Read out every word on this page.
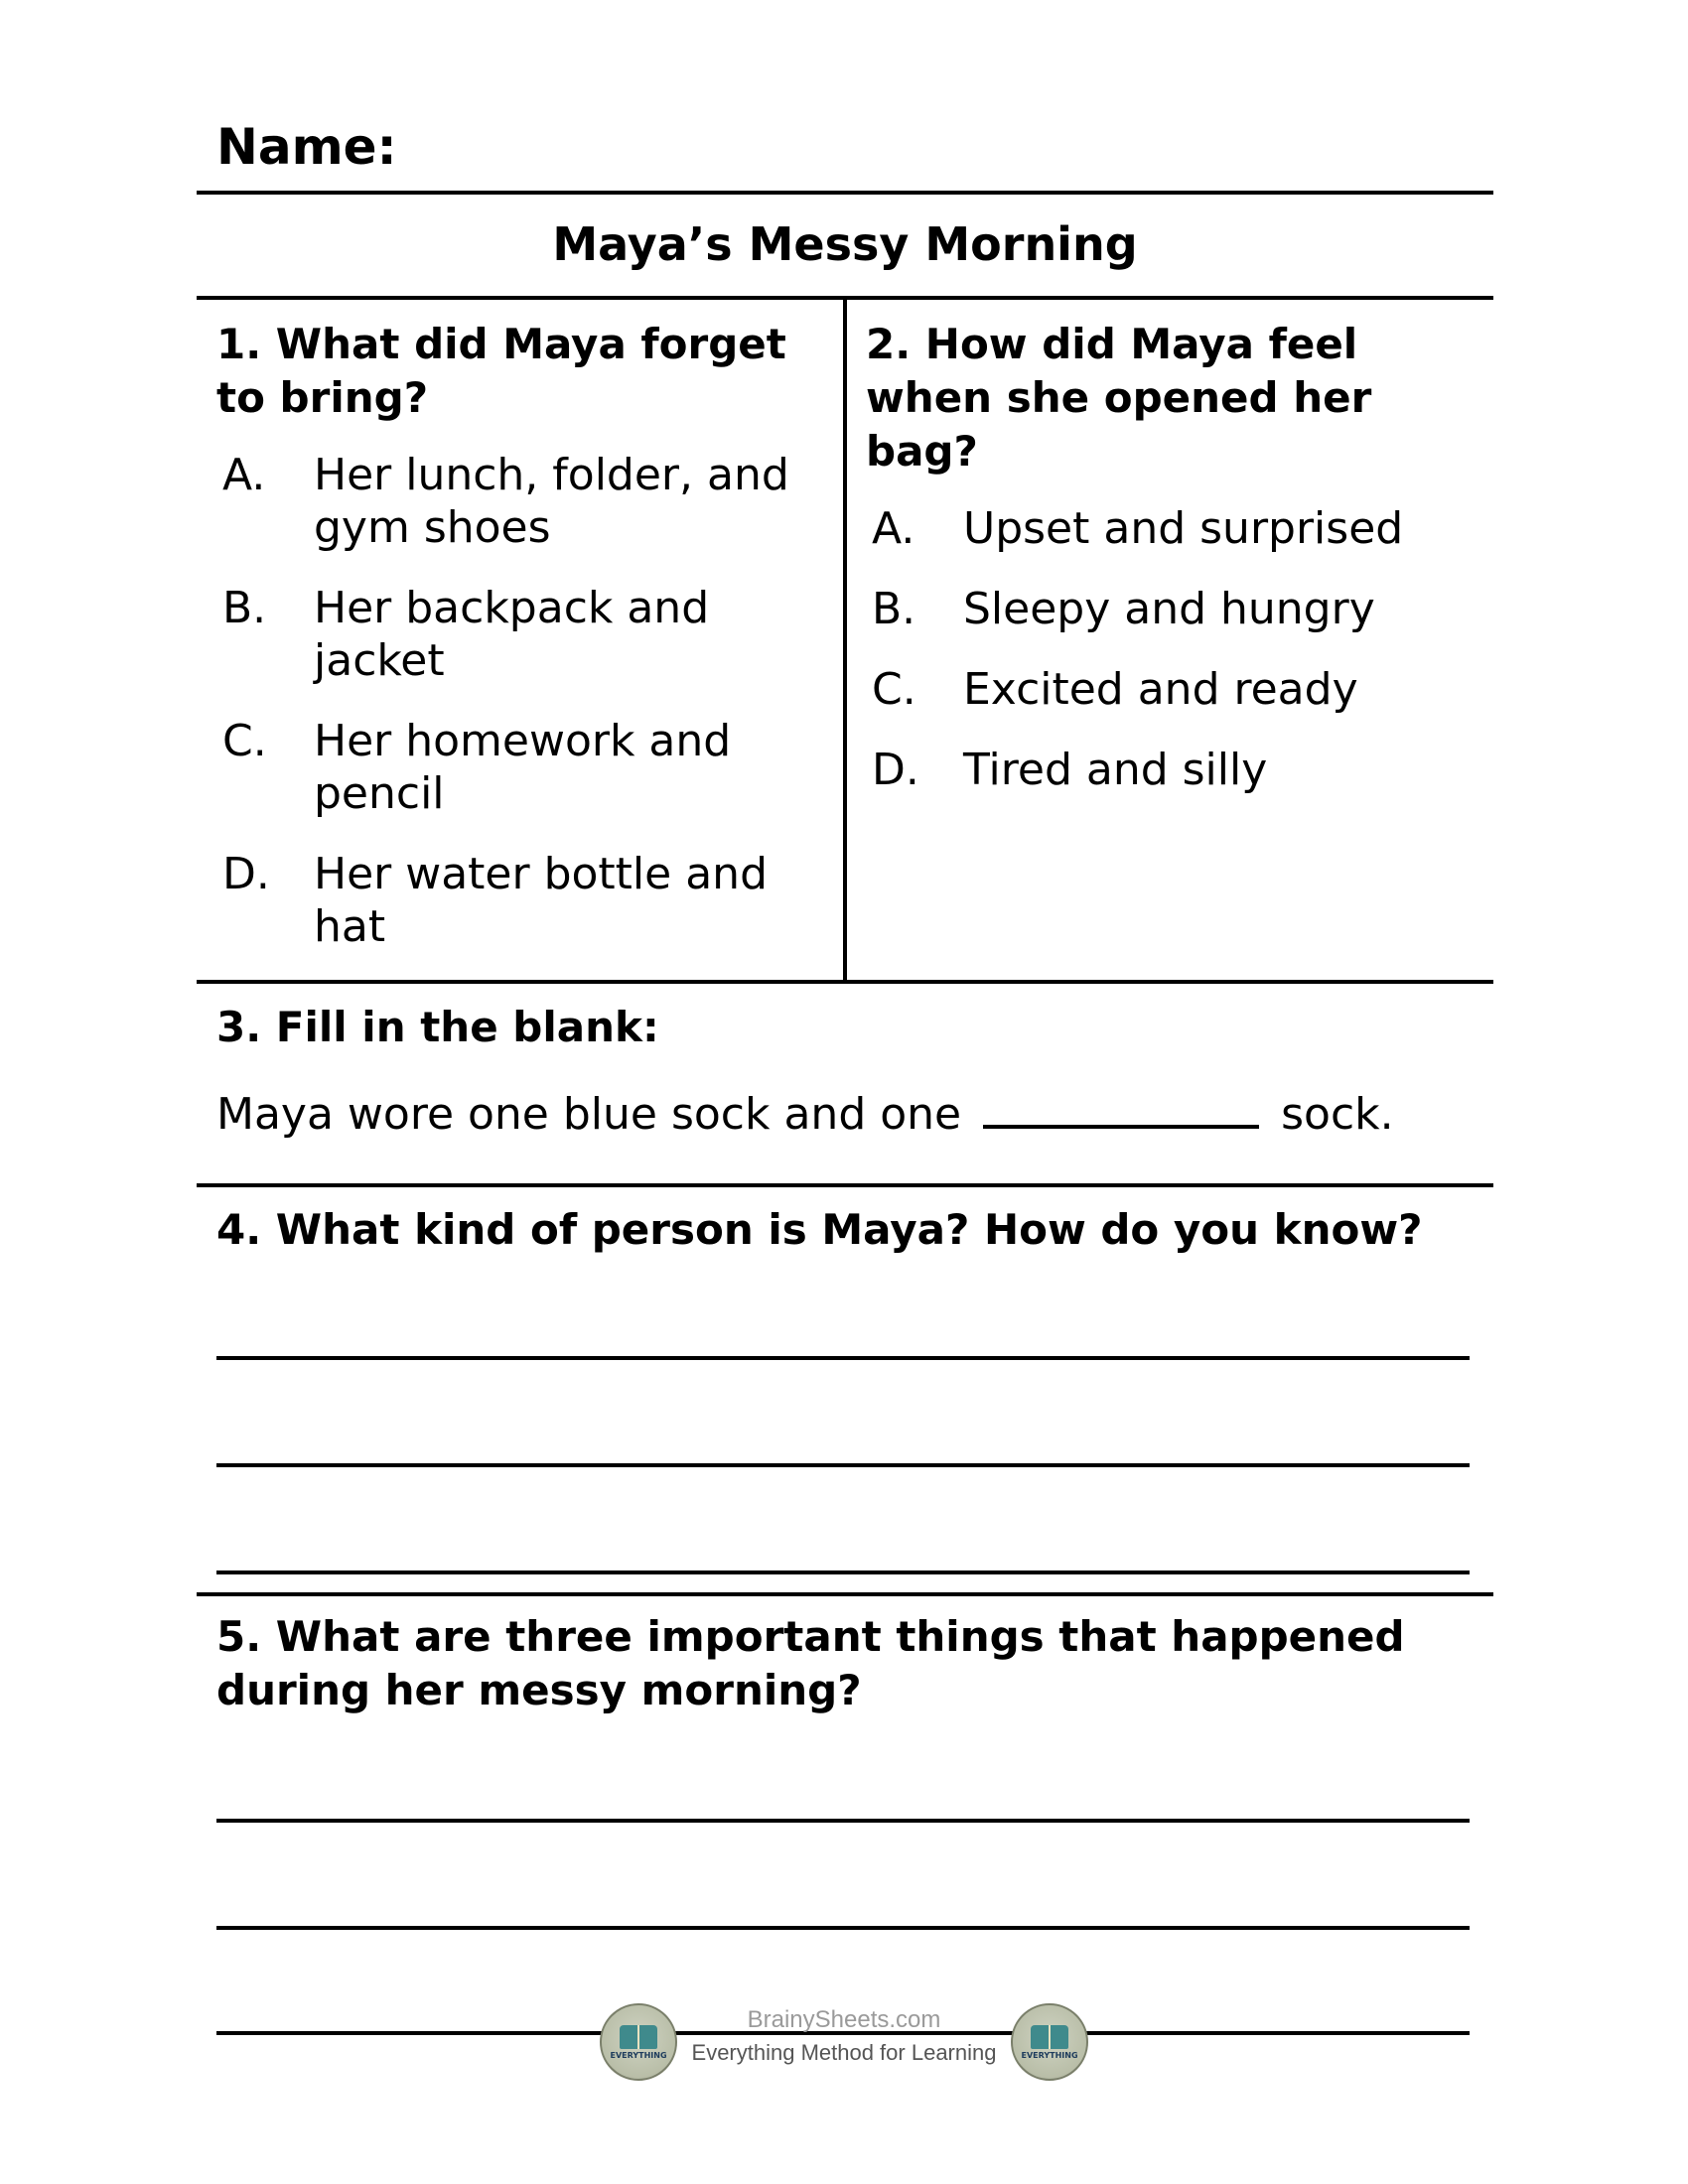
Name:
Maya’s Messy Morning
1. What did Maya forget to bring?
A.	Her lunch, folder, and gym shoes
B.	Her backpack and jacket
C.	Her homework and pencil
D.	Her water bottle and hat
2. How did Maya feel when she opened her bag?
A.	Upset and surprised
B.	Sleepy and hungry
C.	Excited and ready
D.	Tired and silly
3. Fill in the blank:
Maya wore one blue sock and one	sock.
4. What kind of person is Maya? How do you know?
5. What are three important things that happened during her messy morning?
EVERYTHING
BrainySheets.com
Everything Method for Learning	EVERYTHING
